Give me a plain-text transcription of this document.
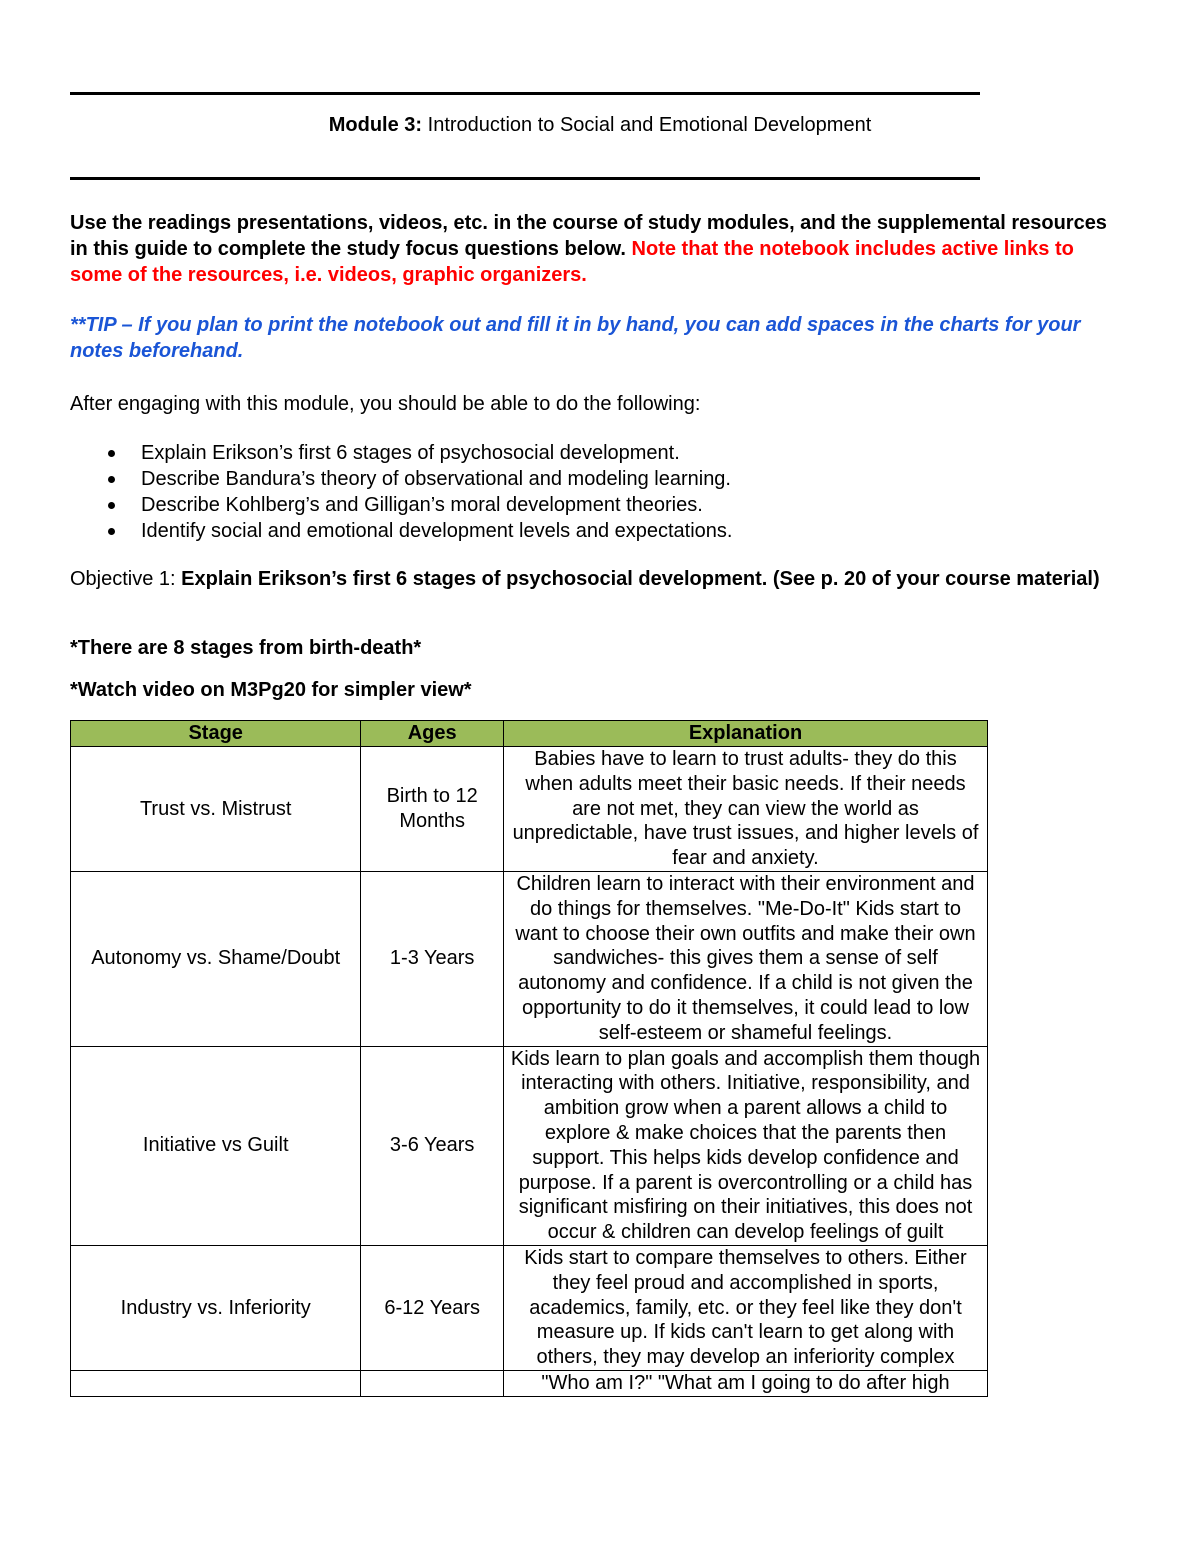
Module 3: Introduction to Social and Emotional Development
Use the readings presentations, videos, etc. in the course of study modules, and the supplemental resources in this guide to complete the study focus questions below. Note that the notebook includes active links to some of the resources, i.e. videos, graphic organizers.
**TIP – If you plan to print the notebook out and fill it in by hand, you can add spaces in the charts for your notes beforehand.
After engaging with this module, you should be able to do the following:
Explain Erikson’s first 6 stages of psychosocial development.
Describe Bandura’s theory of observational and modeling learning.
Describe Kohlberg’s and Gilligan’s moral development theories.
Identify social and emotional development levels and expectations.
Objective 1: Explain Erikson’s first 6 stages of psychosocial development. (See p. 20 of your course material)
*There are 8 stages from birth-death*
*Watch video on M3Pg20 for simpler view*
Stage	Ages	Explanation
Trust vs. Mistrust	Birth to 12 Months	Babies have to learn to trust adults- they do this when adults meet their basic needs. If their needs are not met, they can view the world as unpredictable, have trust issues, and higher levels of fear and anxiety.
Autonomy vs. Shame/Doubt	1-3 Years	Children learn to interact with their environment and do things for themselves. "Me-Do-It" Kids start to want to choose their own outfits and make their own sandwiches- this gives them a sense of self autonomy and confidence. If a child is not given the opportunity to do it themselves, it could lead to low self-esteem or shameful feelings.
Initiative vs Guilt	3-6 Years	Kids learn to plan goals and accomplish them though interacting with others. Initiative, responsibility, and ambition grow when a parent allows a child to explore & make choices that the parents then support. This helps kids develop confidence and purpose. If a parent is overcontrolling or a child has significant misfiring on their initiatives, this does not occur & children can develop feelings of guilt
Industry vs. Inferiority	6-12 Years	Kids start to compare themselves to others. Either they feel proud and accomplished in sports, academics, family, etc. or they feel like they don't measure up. If kids can't learn to get along with others, they may develop an inferiority complex
		"Who am I?" "What am I going to do after high
